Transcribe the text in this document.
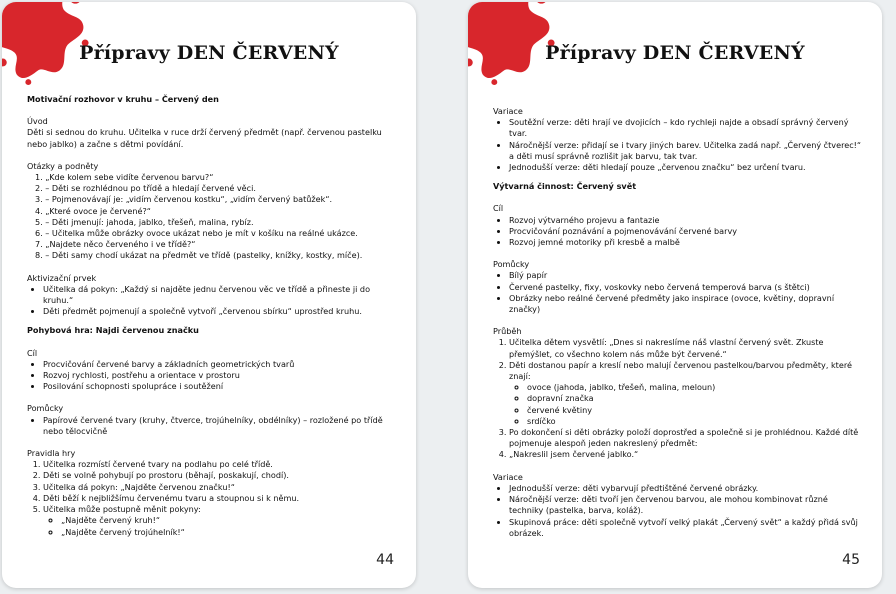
Přípravy DEN ČERVENÝ

Motivační rozhovor v kruhu – Červený den

Úvod

Děti si sednou do kruhu. Učitelka v ruce drží červený předmět (např. červenou pastelku nebo jablko) a začne s dětmi povídání.

Otázky a podněty

1. „Kde kolem sebe vidíte červenou barvu?“
2. – Děti se rozhlédnou po třídě a hledají červené věci.
3. – Pojmenovávají je: „vidím červenou kostku“, „vidím červený batůžek“.
4. „Které ovoce je červené?“
5. – Děti jmenují: jahoda, jablko, třešeň, malina, rybíz.
6. – Učitelka může obrázky ovoce ukázat nebo je mít v košíku na reálné ukázce.
7. „Najdete něco červeného i ve třídě?“
8. – Děti samy chodí ukázat na předmět ve třídě (pastelky, knížky, kostky, míče).

Aktivizační prvek

• Učitelka dá pokyn: „Každý si najděte jednu červenou věc ve třídě a přineste ji do kruhu.“
• Děti předmět pojmenují a společně vytvoří „červenou sbírku“ uprostřed kruhu.

Pohybová hra: Najdi červenou značku

Cíl

• Procvičování červené barvy a základních geometrických tvarů
• Rozvoj rychlosti, postřehu a orientace v prostoru
• Posilování schopnosti spolupráce i soutěžení

Pomůcky

• Papírové červené tvary (kruhy, čtverce, trojúhelníky, obdélníky) – rozložené po třídě nebo tělocvičně

Pravidla hry

1. Učitelka rozmístí červené tvary na podlahu po celé třídě.
2. Děti se volně pohybují po prostoru (běhají, poskakují, chodí).
3. Učitelka dá pokyn: „Najděte červenou značku!“
4. Děti běží k nejbližšímu červenému tvaru a stoupnou si k němu.
5. Učitelka může postupně měnit pokyny:
◦ „Najděte červený kruh!“
◦ „Najděte červený trojúhelník!“
44
Přípravy DEN ČERVENÝ

Variace

• Soutěžní verze: děti hrají ve dvojicích – kdo rychleji najde a obsadí správný červený tvar.
• Náročnější verze: přidají se i tvary jiných barev. Učitelka zadá např. „Červený čtverec!“ a děti musí správně rozlišit jak barvu, tak tvar.
• Jednodušší verze: děti hledají pouze „červenou značku“ bez určení tvaru.

Výtvarná činnost: Červený svět

Cíl

• Rozvoj výtvarného projevu a fantazie
• Procvičování poznávání a pojmenovávání červené barvy
• Rozvoj jemné motoriky při kresbě a malbě

Pomůcky

• Bílý papír
• Červené pastelky, fixy, voskovky nebo červená temperová barva (s štětci)
• Obrázky nebo reálné červené předměty jako inspirace (ovoce, květiny, dopravní značky)

Průběh

1. Učitelka dětem vysvětlí: „Dnes si nakreslíme náš vlastní červený svět. Zkuste přemýšlet, co všechno kolem nás může být červené.“
2. Děti dostanou papír a kreslí nebo malují červenou pastelkou/barvou předměty, které znají:
◦ ovoce (jahoda, jablko, třešeň, malina, meloun)
◦ dopravní značka
◦ červené květiny
◦ srdíčko
3. Po dokončení si děti obrázky položí doprostřed a společně si je prohlédnou. Každé dítě pojmenuje alespoň jeden nakreslený předmět:
4. „Nakreslil jsem červené jablko.“

Variace

• Jednodušší verze: děti vybarvují předtištěné červené obrázky.
• Náročnější verze: děti tvoří jen červenou barvou, ale mohou kombinovat různé techniky (pastelka, barva, koláž).
• Skupinová práce: děti společně vytvoří velký plakát „Červený svět“ a každý přidá svůj obrázek.
45
